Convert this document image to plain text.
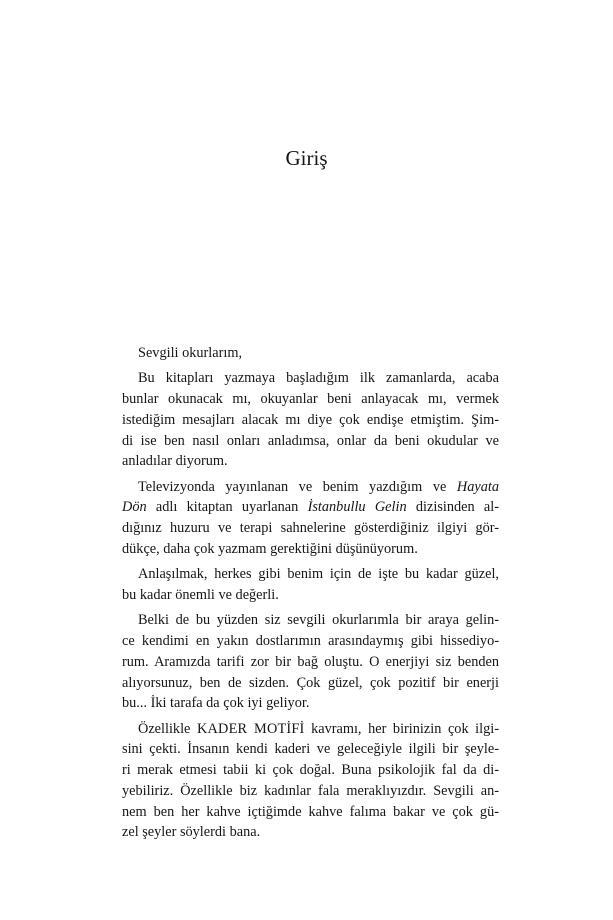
Giriş
Sevgili okurlarım,
Bu kitapları yazmaya başladığım ilk zamanlarda, acaba
bunlar okunacak mı, okuyanlar beni anlayacak mı, vermek
istediğim mesajları alacak mı diye çok endişe etmiştim. Şim-
di ise ben nasıl onları anladımsa, onlar da beni okudular ve
anladılar diyorum.
Televizyonda yayınlanan ve benim yazdığım ve Hayata
Dön adlı kitaptan uyarlanan İstanbullu Gelin dizisinden al-
dığınız huzuru ve terapi sahnelerine gösterdiğiniz ilgiyi gör-
dükçe, daha çok yazmam gerektiğini düşünüyorum.
Anlaşılmak, herkes gibi benim için de işte bu kadar güzel,
bu kadar önemli ve değerli.
Belki de bu yüzden siz sevgili okurlarımla bir araya gelin-
ce kendimi en yakın dostlarımın arasındaymış gibi hissediyo-
rum. Aramızda tarifi zor bir bağ oluştu. O enerjiyi siz benden
alıyorsunuz, ben de sizden. Çok güzel, çok pozitif bir enerji
bu... İki tarafa da çok iyi geliyor.
Özellikle KADER MOTİFİ kavramı, her birinizin çok ilgi-
sini çekti. İnsanın kendi kaderi ve geleceğiyle ilgili bir şeyle-
ri merak etmesi tabii ki çok doğal. Buna psikolojik fal da di-
yebiliriz. Özellikle biz kadınlar fala meraklıyızdır. Sevgili an-
nem ben her kahve içtiğimde kahve falıma bakar ve çok gü-
zel şeyler söylerdi bana.
